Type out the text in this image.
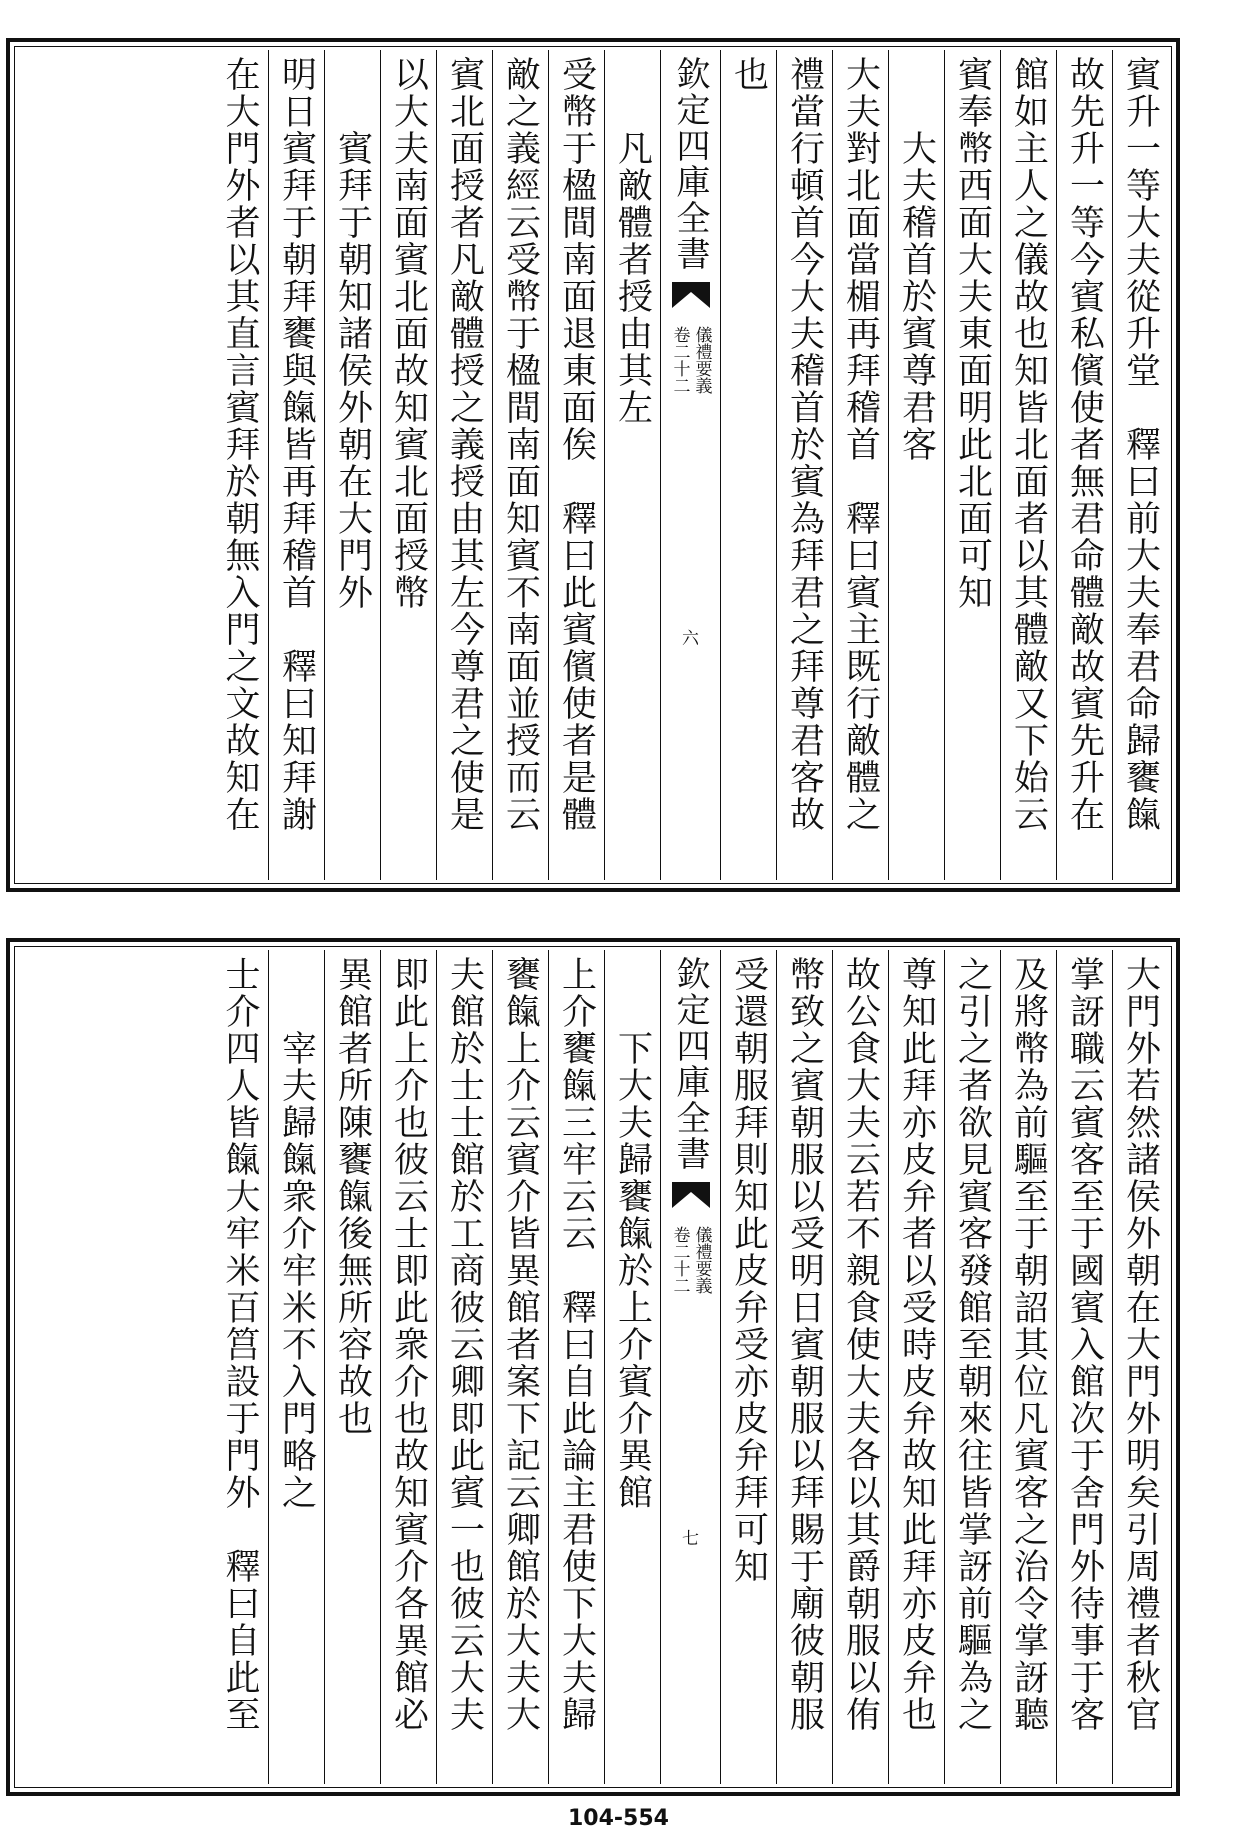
賓升一等大夫從升堂　釋曰前大夫奉君命歸饔餼
故先升一等今賓私儐使者無君命體敵故賓先升在
館如主人之儀故也知皆北面者以其體敵又下始云
賓奉幣西面大夫東面明此北面可知
大夫稽首於賓尊君客
大夫對北面當楣再拜稽首　釋曰賓主既行敵體之
禮當行頓首今大夫稽首於賓為拜君之拜尊君客故
也
欽定四庫全書
儀禮要義
卷二十二
六
凡敵體者授由其左
受幣于楹間南面退東面俟　釋曰此賓儐使者是體
敵之義經云受幣于楹間南面知賓不南面並授而云
賓北面授者凡敵體授之義授由其左今尊君之使是
以大夫南面賓北面故知賓北面授幣
賓拜于朝知諸侯外朝在大門外
明日賓拜于朝拜饔與餼皆再拜稽首　釋曰知拜謝
在大門外者以其直言賓拜於朝無入門之文故知在
大門外若然諸侯外朝在大門外明矣引周禮者秋官
掌訝職云賓客至于國賓入館次于舍門外待事于客
及將幣為前驅至于朝詔其位凡賓客之治令掌訝聽
之引之者欲見賓客發館至朝來往皆掌訝前驅為之
尊知此拜亦皮弁者以受時皮弁故知此拜亦皮弁也
故公食大夫云若不親食使大夫各以其爵朝服以侑
幣致之賓朝服以受明日賓朝服以拜賜于廟彼朝服
受還朝服拜則知此皮弁受亦皮弁拜可知
欽定四庫全書
儀禮要義
卷二十二
七
下大夫歸饔餼於上介賓介異館
上介饔餼三牢云云　釋曰自此論主君使下大夫歸
饔餼上介云賓介皆異館者案下記云卿館於大夫大
夫館於士士館於工商彼云卿即此賓一也彼云大夫
即此上介也彼云士即此衆介也故知賓介各異館必
異館者所陳饔餼後無所容故也
宰夫歸餼衆介牢米不入門略之
士介四人皆餼大牢米百筥設于門外　釋曰自此至
104-554
